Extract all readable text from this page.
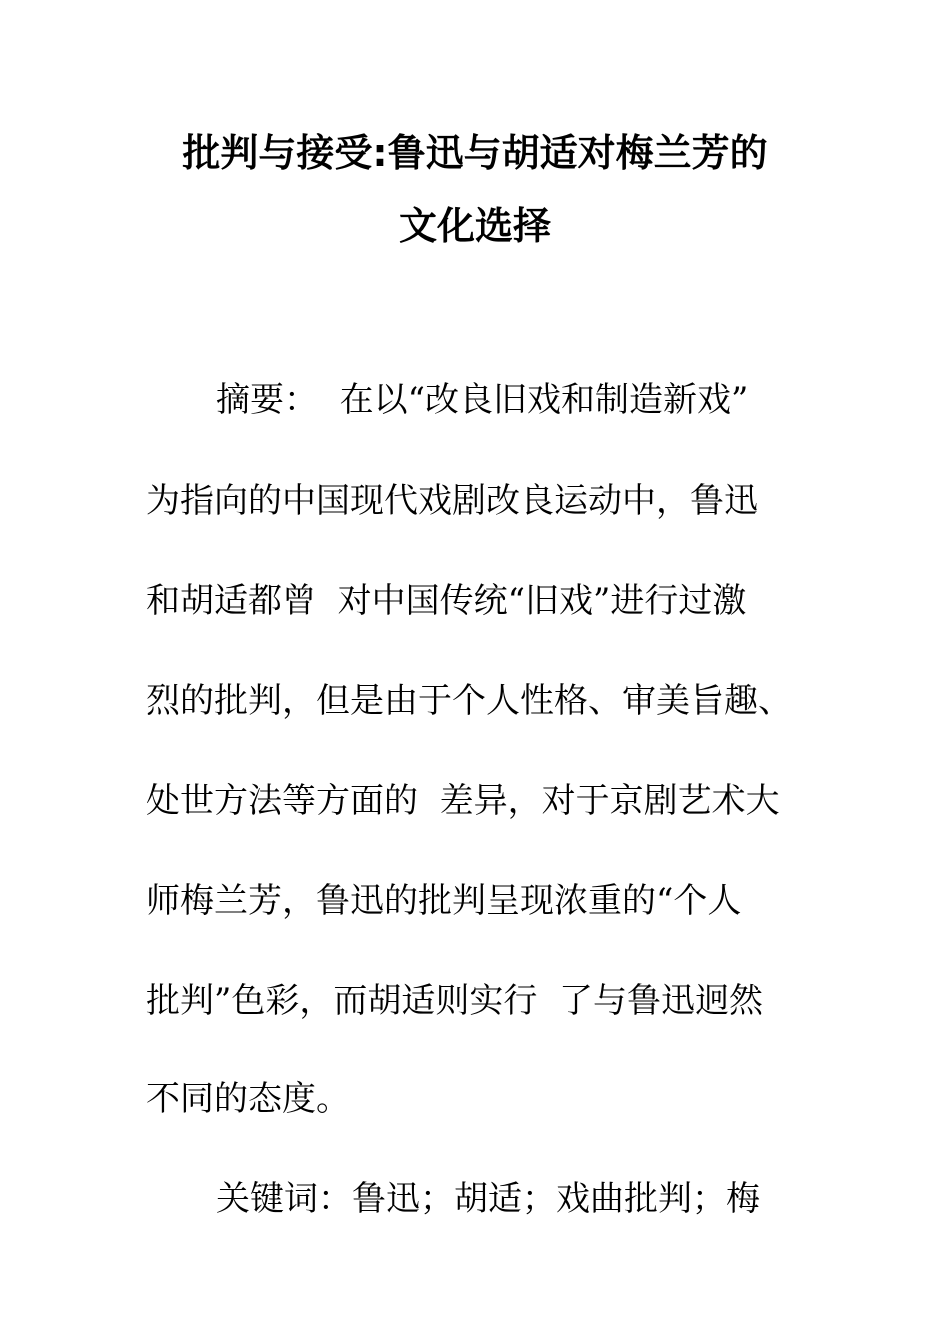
批判与接受:鲁迅与胡适对梅兰芳的
文化选择
摘要：  在以“改良旧戏和制造新戏”
为指向的中国现代戏剧改良运动中，鲁迅
和胡适都曾  对中国传统“旧戏”进行过激
烈的批判，但是由于个人性格、审美旨趣、
处世方法等方面的  差异，对于京剧艺术大
师梅兰芳，鲁迅的批判呈现浓重的“个人
批判”色彩，而胡适则实行  了与鲁迅迥然
不同的态度。
关键词：鲁迅；胡适；戏曲批判；梅
